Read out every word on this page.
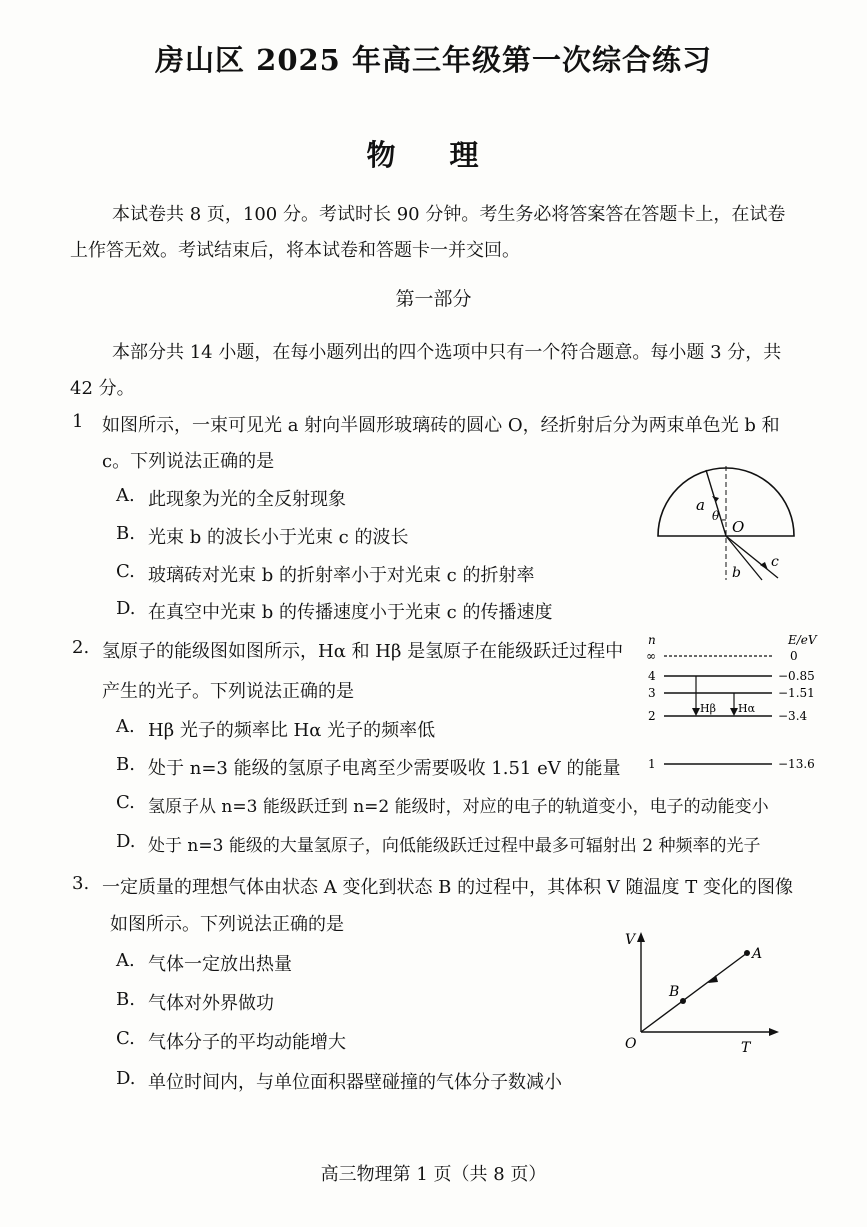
房山区 2025 年高三年级第一次综合练习
物 理
本试卷共 8 页，100 分。考试时长 90 分钟。考生务必将答案答在答题卡上，在试卷
上作答无效。考试结束后，将本试卷和答题卡一并交回。
第一部分
本部分共 14 小题，在每小题列出的四个选项中只有一个符合题意。每小题 3 分，共
42 分。
1 如图所示，一束可见光 a 射向半圆形玻璃砖的圆心 O，经折射后分为两束单色光 b 和
c。下列说法正确的是
A. 此现象为光的全反射现象
B. 光束 b 的波长小于光束 c 的波长
C. 玻璃砖对光束 b 的折射率小于对光束 c 的折射率
D. 在真空中光束 b 的传播速度小于光束 c 的传播速度
a
θ
O
c
b
2. 氢原子的能级图如图所示，Hα 和 Hβ 是氢原子在能级跃迁过程中
产生的光子。下列说法正确的是
A. Hβ 光子的频率比 Hα 光子的频率低
B. 处于 n=3 能级的氢原子电离至少需要吸收 1.51 eV 的能量
C. 氢原子从 n=3 能级跃迁到 n=2 能级时，对应的电子的轨道变小，电子的动能变小
D. 处于 n=3 能级的大量氢原子，向低能级跃迁过程中最多可辐射出 2 种频率的光子
n	E/eV
∞	0
4	−0.85
3	−1.51
2	−3.4
1	−13.6
Hβ Hα
3. 一定质量的理想气体由状态 A 变化到状态 B 的过程中，其体积 V 随温度 T 变化的图像
如图所示。下列说法正确的是
A. 气体一定放出热量
B. 气体对外界做功
C. 气体分子的平均动能增大
D. 单位时间内，与单位面积器壁碰撞的气体分子数减小
V
T
O
A
B
高三物理第 1 页（共 8 页）
